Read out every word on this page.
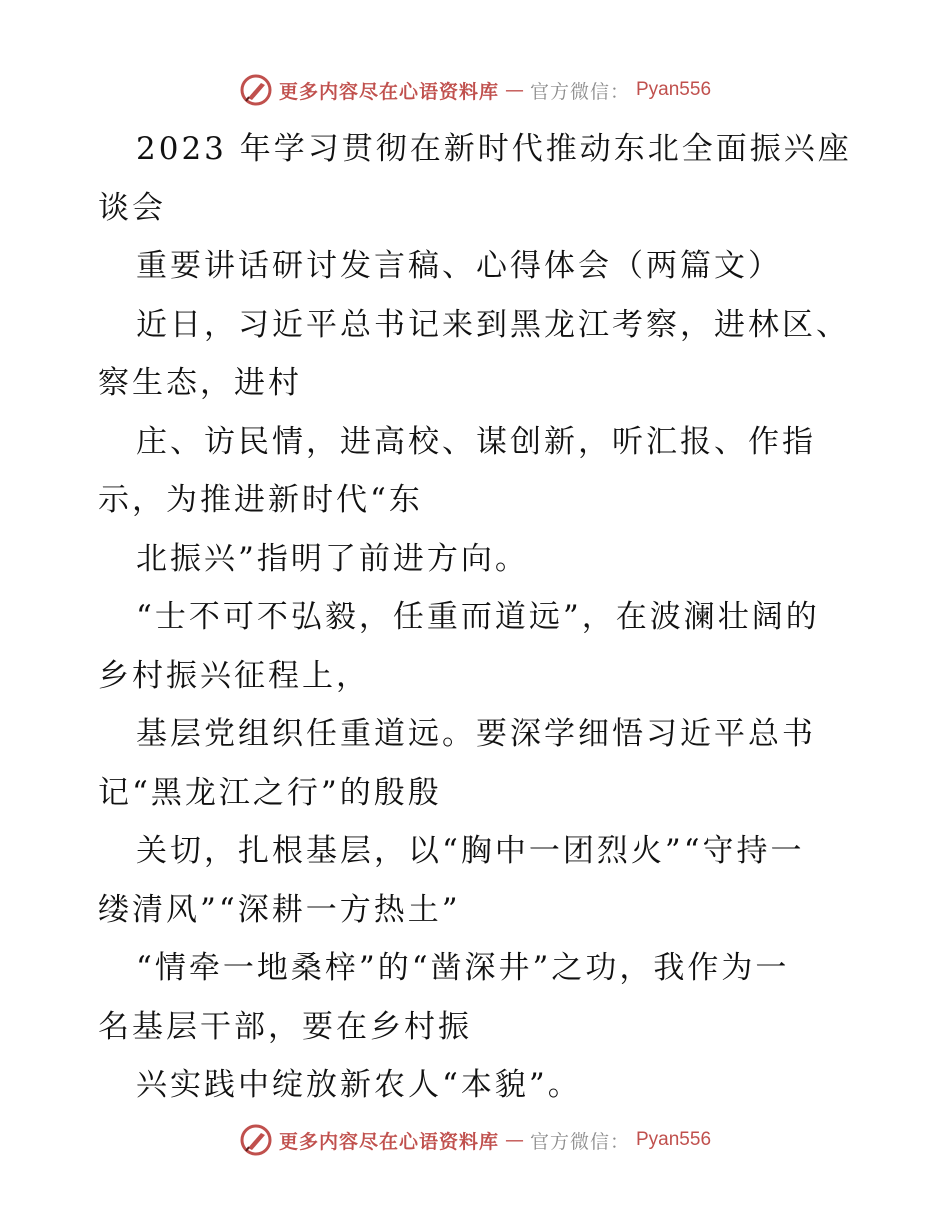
更多内容尽在心语资料库 — 官方微信： Pyan556

2023 年学习贯彻在新时代推动东北全面振兴座

谈会

重要讲话研讨发言稿、心得体会（两篇文）

近日，习近平总书记来到黑龙江考察，进林区、

察生态，进村

庄、访民情，进高校、谋创新，听汇报、作指

示，为推进新时代“东

北振兴”指明了前进方向。

“士不可不弘毅，任重而道远”，在波澜壮阔的

乡村振兴征程上，

基层党组织任重道远。要深学细悟习近平总书

记“黑龙江之行”的殷殷

关切，扎根基层，以“胸中一团烈火”“守持一

缕清风”“深耕一方热土”

“情牵一地桑梓”的“凿深井”之功，我作为一

名基层干部，要在乡村振

兴实践中绽放新农人“本貌”。

更多内容尽在心语资料库 — 官方微信： Pyan556
